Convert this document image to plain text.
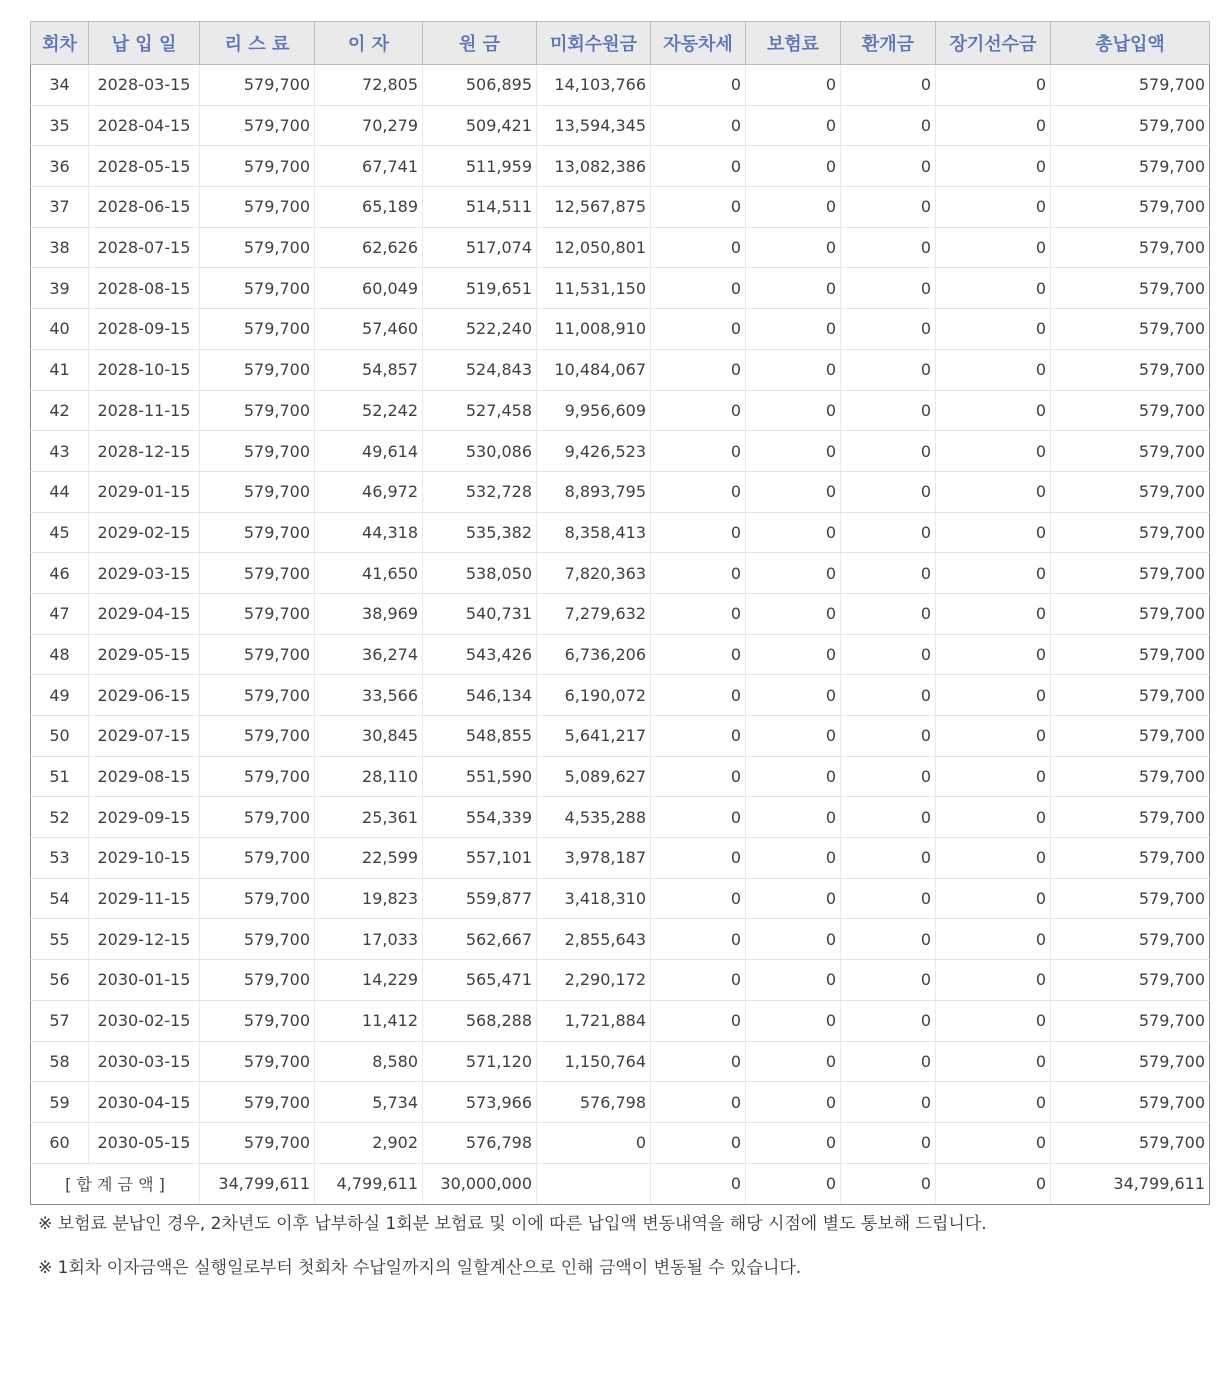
회차	납 입 일	리 스 료	이 자	원 금	미회수원금	자동차세	보험료	환개금	장기선수금	총납입액
34	2028-03-15	579,700	72,805	506,895	14,103,766	0	0	0	0	579,700
35	2028-04-15	579,700	70,279	509,421	13,594,345	0	0	0	0	579,700
36	2028-05-15	579,700	67,741	511,959	13,082,386	0	0	0	0	579,700
37	2028-06-15	579,700	65,189	514,511	12,567,875	0	0	0	0	579,700
38	2028-07-15	579,700	62,626	517,074	12,050,801	0	0	0	0	579,700
39	2028-08-15	579,700	60,049	519,651	11,531,150	0	0	0	0	579,700
40	2028-09-15	579,700	57,460	522,240	11,008,910	0	0	0	0	579,700
41	2028-10-15	579,700	54,857	524,843	10,484,067	0	0	0	0	579,700
42	2028-11-15	579,700	52,242	527,458	9,956,609	0	0	0	0	579,700
43	2028-12-15	579,700	49,614	530,086	9,426,523	0	0	0	0	579,700
44	2029-01-15	579,700	46,972	532,728	8,893,795	0	0	0	0	579,700
45	2029-02-15	579,700	44,318	535,382	8,358,413	0	0	0	0	579,700
46	2029-03-15	579,700	41,650	538,050	7,820,363	0	0	0	0	579,700
47	2029-04-15	579,700	38,969	540,731	7,279,632	0	0	0	0	579,700
48	2029-05-15	579,700	36,274	543,426	6,736,206	0	0	0	0	579,700
49	2029-06-15	579,700	33,566	546,134	6,190,072	0	0	0	0	579,700
50	2029-07-15	579,700	30,845	548,855	5,641,217	0	0	0	0	579,700
51	2029-08-15	579,700	28,110	551,590	5,089,627	0	0	0	0	579,700
52	2029-09-15	579,700	25,361	554,339	4,535,288	0	0	0	0	579,700
53	2029-10-15	579,700	22,599	557,101	3,978,187	0	0	0	0	579,700
54	2029-11-15	579,700	19,823	559,877	3,418,310	0	0	0	0	579,700
55	2029-12-15	579,700	17,033	562,667	2,855,643	0	0	0	0	579,700
56	2030-01-15	579,700	14,229	565,471	2,290,172	0	0	0	0	579,700
57	2030-02-15	579,700	11,412	568,288	1,721,884	0	0	0	0	579,700
58	2030-03-15	579,700	8,580	571,120	1,150,764	0	0	0	0	579,700
59	2030-04-15	579,700	5,734	573,966	576,798	0	0	0	0	579,700
60	2030-05-15	579,700	2,902	576,798	0	0	0	0	0	579,700
[ 합 계 금 액 ]		34,799,611	4,799,611	30,000,000		0	0	0	0	34,799,611

※ 보험료 분납인 경우, 2차년도 이후 납부하실 1회분 보험료 및 이에 따른 납입액 변동내역을 해당 시점에 별도 통보해 드립니다.

※ 1회차 이자금액은 실행일로부터 첫회차 수납일까지의 일할계산으로 인해 금액이 변동될 수 있습니다.
